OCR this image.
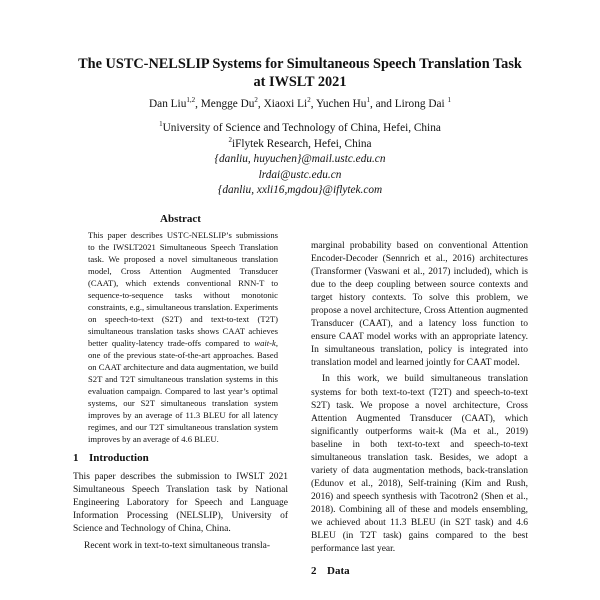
The USTC-NELSLIP Systems for Simultaneous Speech Translation Task
at IWSLT 2021
Dan Liu$^{1,2}$, Mengge Du$^2$, Xiaoxi Li$^2$, Yuchen Hu$^1$, and Lirong Dai $^1$
$^1$University of Science and Technology of China, Hefei, China
$^2$iFlytek Research, Hefei, China
{danliu, huyuchen}@mail.ustc.edu.cn
lrdai@ustc.edu.cn
{danliu, xxli16,mgdou}@iflytek.com
Abstract

This paper describes USTC-NELSLIP’s submissions to the IWSLT2021 Simultaneous Speech Translation task. We proposed a novel simultaneous translation model, Cross Attention Augmented Transducer (CAAT), which extends conventional RNN-T to sequence-to-sequence tasks without monotonic constraints, e.g., simultaneous translation. Experiments on speech-to-text (S2T) and text-to-text (T2T) simultaneous translation tasks shows CAAT achieves better quality-latency trade-offs compared to wait-k, one of the previous state-of-the-art approaches. Based on CAAT architecture and data augmentation, we build S2T and T2T simultaneous translation systems in this evaluation campaign. Compared to last year’s optimal systems, our S2T simultaneous translation system improves by an average of 11.3 BLEU for all latency regimes, and our T2T simultaneous translation system improves by an average of 4.6 BLEU.

1 Introduction

This paper describes the submission to IWSLT 2021 Simultaneous Speech Translation task by National Engineering Laboratory for Speech and Language Information Processing (NELSLIP), University of Science and Technology of China, China.

Recent work in text-to-text simultaneous transla-

marginal probability based on conventional Attention Encoder-Decoder (Sennrich et al., 2016) architectures (Transformer (Vaswani et al., 2017) included), which is due to the deep coupling between source contexts and target history contexts. To solve this problem, we propose a novel architecture, Cross Attention augmented Transducer (CAAT), and a latency loss function to ensure CAAT model works with an appropriate latency. In simultaneous translation, policy is integrated into translation model and learned jointly for CAAT model.

In this work, we build simultaneous translation systems for both text-to-text (T2T) and speech-to-text S2T) task. We propose a novel architecture, Cross Attention Augmented Transducer (CAAT), which significantly outperforms wait-k (Ma et al., 2019) baseline in both text-to-text and speech-to-text simultaneous translation task. Besides, we adopt a variety of data augmentation methods, back-translation (Edunov et al., 2018), Self-training (Kim and Rush, 2016) and speech synthesis with Tacotron2 (Shen et al., 2018). Combining all of these and models ensembling, we achieved about 11.3 BLEU (in S2T task) and 4.6 BLEU (in T2T task) gains compared to the best performance last year.

2 Data
